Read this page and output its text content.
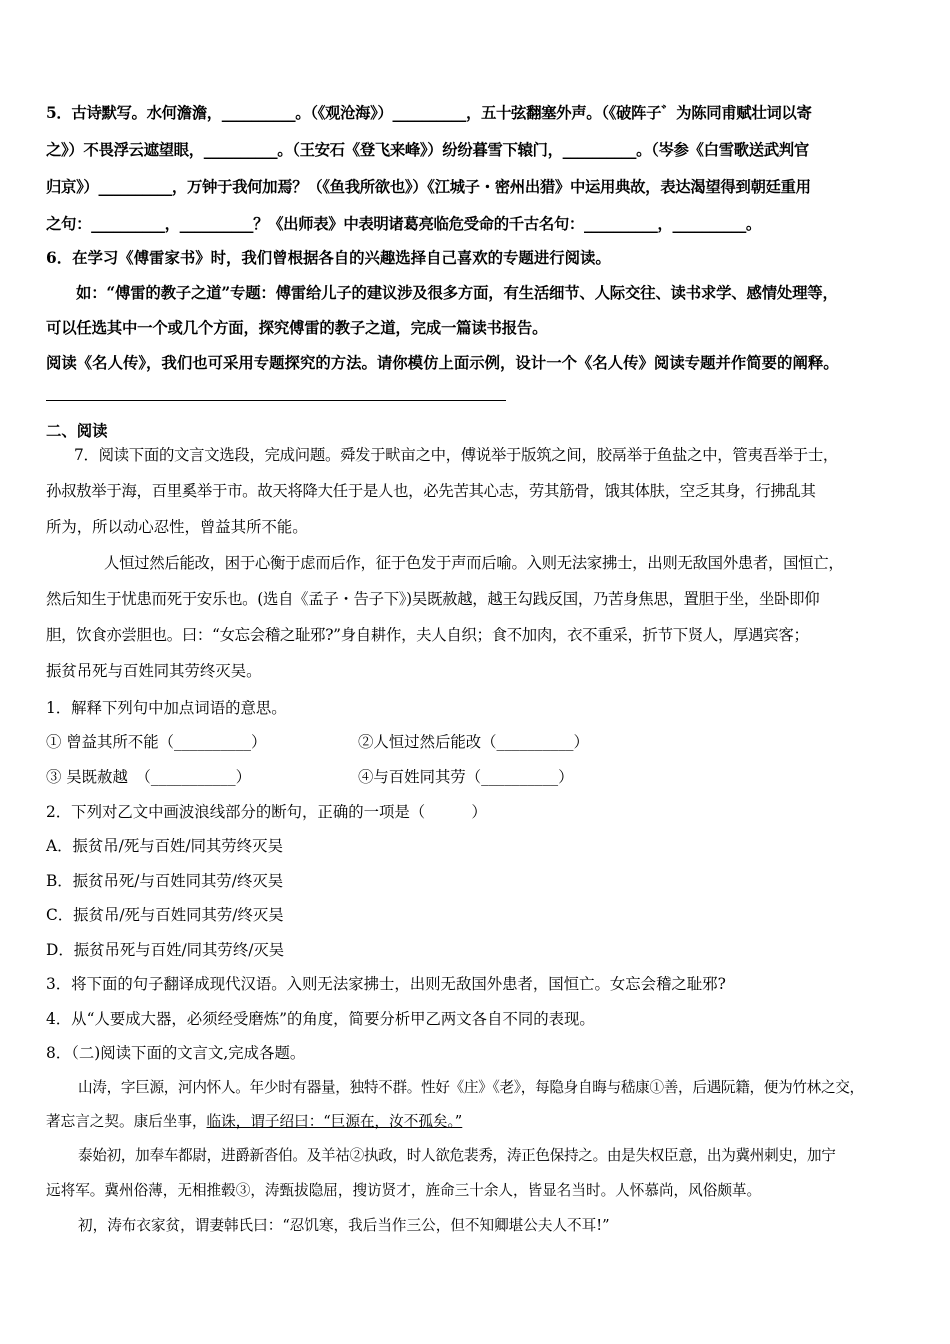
5．古诗默写。水何澹澹，__________。（《观沧海》）__________，五十弦翻塞外声。（《破阵子゛为陈同甫赋壮词以寄
之》）不畏浮云遮望眼，__________。（王安石《登飞来峰》）纷纷暮雪下辕门，__________。（岑参《白雪歌送武判官
归京》）__________，万钟于我何加焉？（《鱼我所欲也》）《江城子・密州出猎》中运用典故，表达渴望得到朝廷重用
之句：__________，__________？《出师表》中表明诸葛亮临危受命的千古名句：__________，__________。
6．在学习《傅雷家书》时，我们曾根据各自的兴趣选择自己喜欢的专题进行阅读。
如：“傅雷的教子之道”专题：傅雷给儿子的建议涉及很多方面，有生活细节、人际交往、读书求学、感情处理等，
可以任选其中一个或几个方面，探究傅雷的教子之道，完成一篇读书报告。
阅读《名人传》，我们也可采用专题探究的方法。请你模仿上面示例，设计一个《名人传》阅读专题并作简要的阐释。
二、阅读
7．阅读下面的文言文选段，完成问题。舜发于畎亩之中，傅说举于版筑之间，胶鬲举于鱼盐之中，管夷吾举于士，
孙叔敖举于海，百里奚举于市。故天将降大任于是人也，必先苦其心志，劳其筋骨，饿其体肤，空乏其身，行拂乱其
所为，所以动心忍性，曾益其所不能。
人恒过然后能改，困于心衡于虑而后作，征于色发于声而后喻。入则无法家拂士，出则无敌国外患者，国恒亡，
然后知生于忧患而死于安乐也。(选自《孟子・告子下》)吴既赦越，越王勾践反国，乃苦身焦思，置胆于坐，坐卧即仰
胆，饮食亦尝胆也。曰：“女忘会稽之耻邪?”身自耕作，夫人自织；食不加肉，衣不重采，折节下贤人，厚遇宾客；
振贫吊死与百姓同其劳终灭吴。
1．解释下列句中加点词语的意思。
① 曾益其所不能（__________）	②人恒过然后能改（__________）
③ 吴既赦越　（___________）	④与百姓同其劳（__________）
2．下列对乙文中画波浪线部分的断句，正确的一项是（　　　）
A．振贫吊/死与百姓/同其劳终灭吴
B．振贫吊死/与百姓同其劳/终灭吴
C．振贫吊/死与百姓同其劳/终灭吴
D．振贫吊死与百姓/同其劳终/灭吴
3．将下面的句子翻译成现代汉语。入则无法家拂士，出则无敌国外患者，国恒亡。女忘会稽之耻邪?
4．从“人要成大器，必须经受磨炼”的角度，简要分析甲乙两文各自不同的表现。
8．（二)阅读下面的文言文,完成各题。
山涛，字巨源，河内怀人。年少时有器量，独特不群。性好《庄》《老》，每隐身自晦与嵇康①善，后遇阮籍，便为竹林之交，
著忘言之契。康后坐事，临诛，谓子绍曰：“巨源在，汝不孤矣。”
泰始初，加奉车都尉，进爵新沓伯。及羊祜②执政，时人欲危裴秀，涛正色保持之。由是失权臣意，出为冀州刺史，加宁
远将军。冀州俗薄，无相推毂③，涛甄拔隐屈，搜访贤才，旌命三十余人，皆显名当时。人怀慕尚，风俗颇革。
初，涛布衣家贫，谓妻韩氏曰：“忍饥寒，我后当作三公，但不知卿堪公夫人不耳!”
